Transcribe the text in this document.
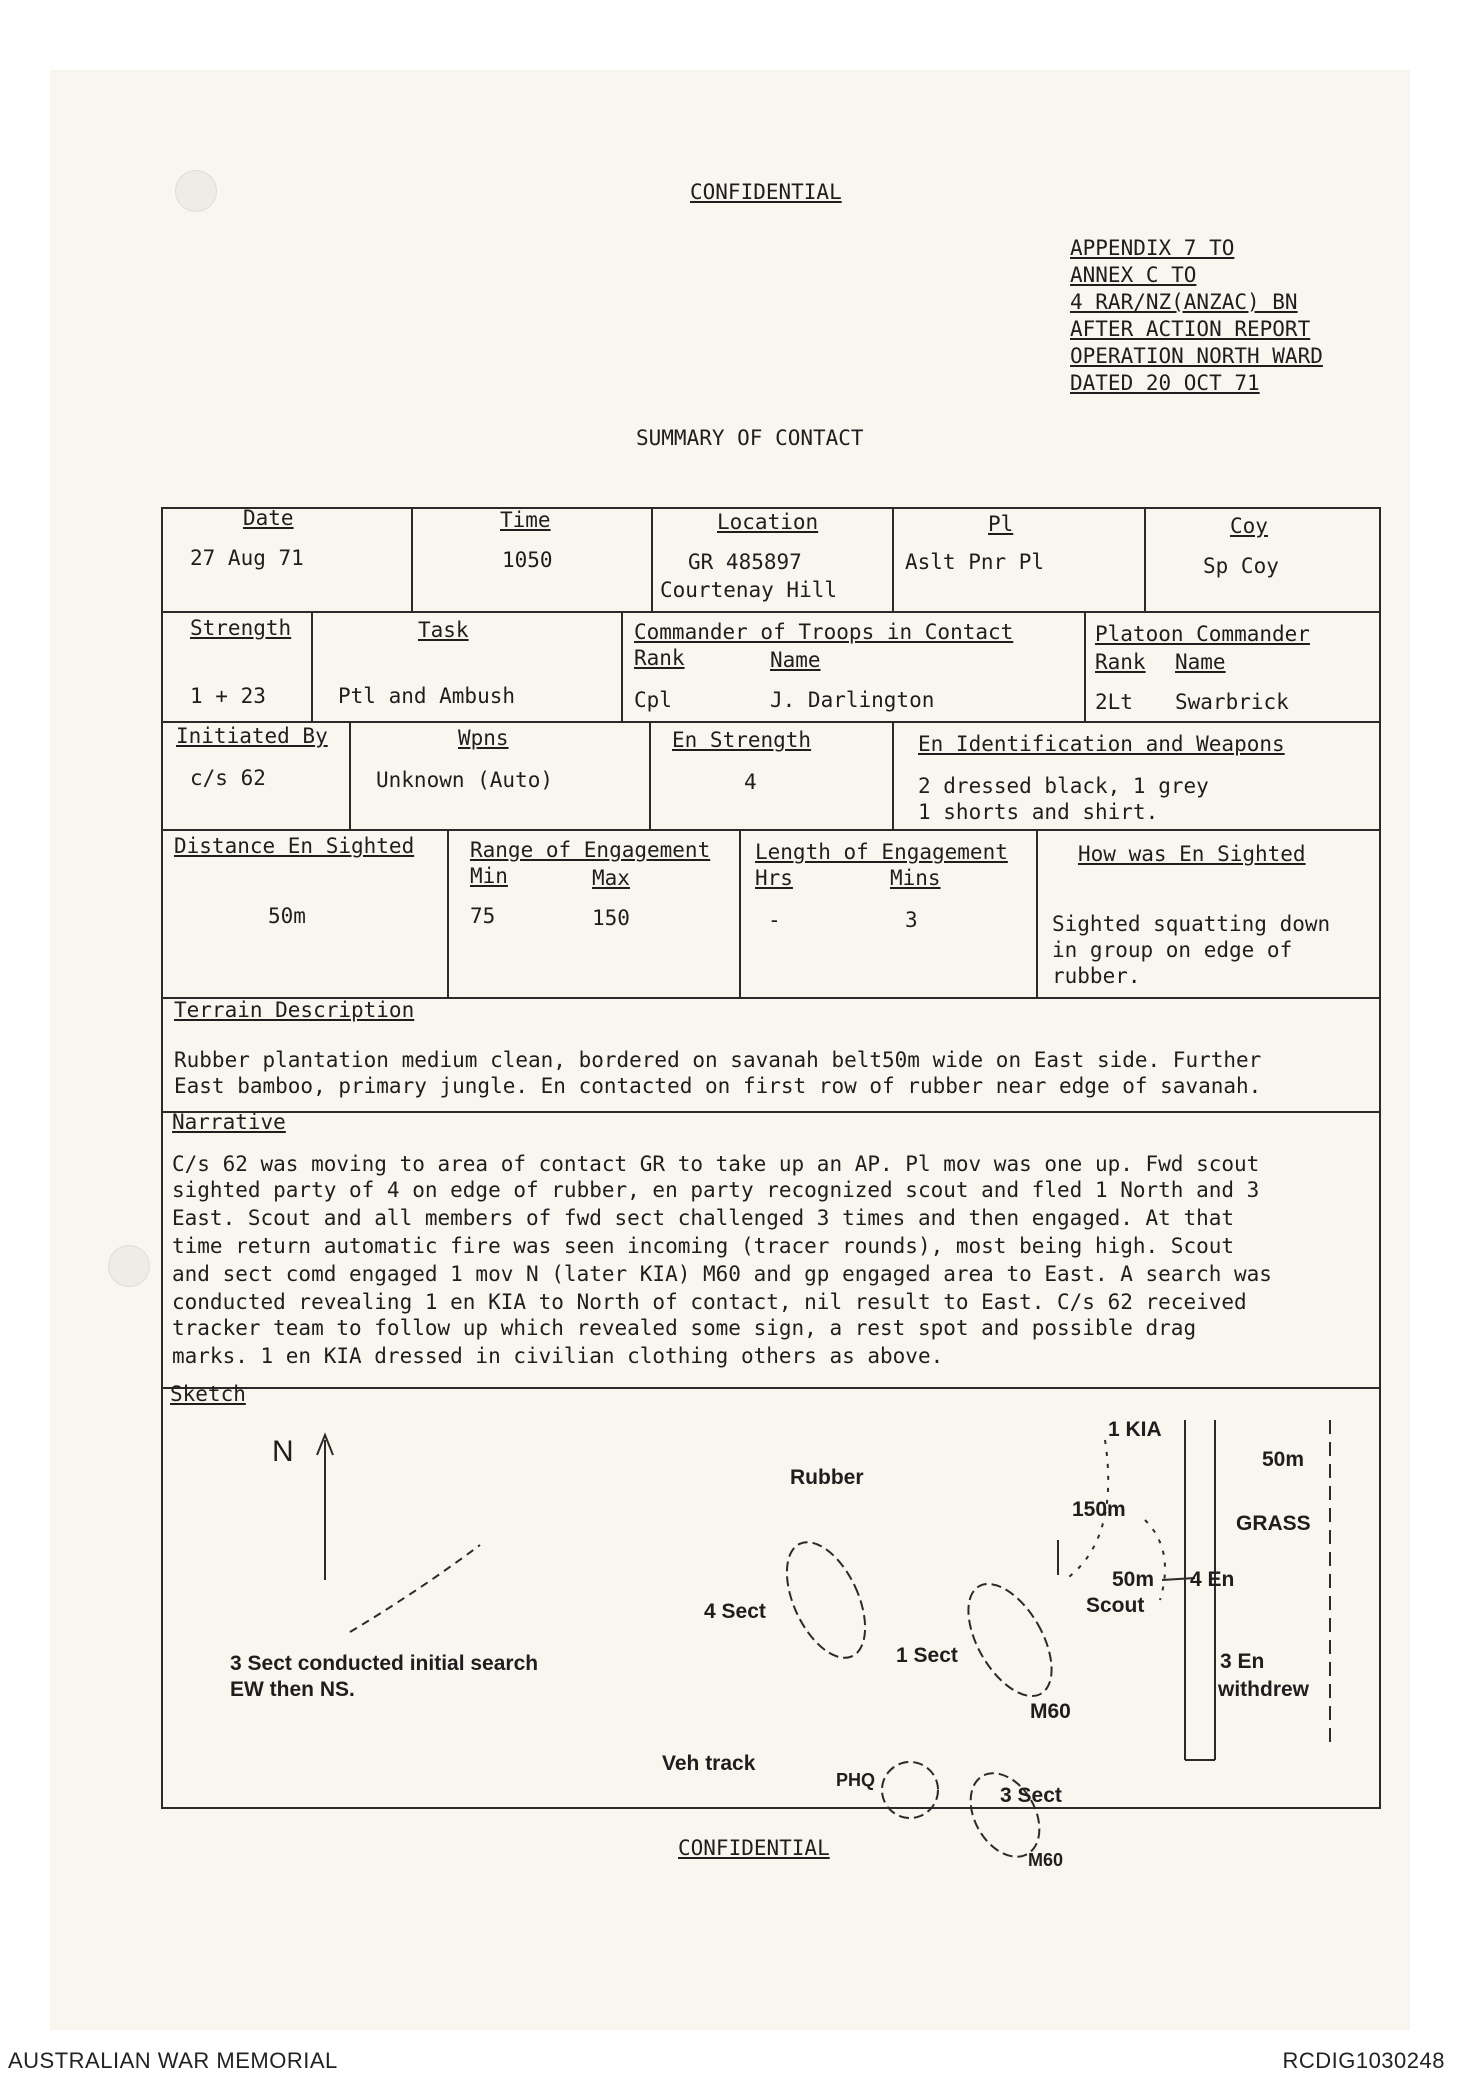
CONFIDENTIAL
APPENDIX 7 TO
ANNEX C TO
4 RAR/NZ(ANZAC) BN
AFTER ACTION REPORT
OPERATION NORTH WARD
DATED 20 OCT 71
SUMMARY OF CONTACT
Date
27 Aug 71
Time
1050
Location
GR 485897
Courtenay Hill
Pl
Aslt Pnr Pl
Coy
Sp Coy
Strength
1 + 23
Task
Ptl and Ambush
Commander of Troops in Contact
Rank	Name
Cpl	J. Darlington
Platoon Commander
Rank Name
2Lt Swarbrick
Initiated By
c/s 62
Wpns
Unknown (Auto)
En Strength
4
En Identification and Weapons
2 dressed black, 1 grey
1 shorts and shirt.
Distance En Sighted
50m
Range of Engagement
Min	Max
75	150
Length of Engagement
Hrs	Mins
-	3
How was En Sighted
Sighted squatting down
in group on edge of
rubber.
Terrain Description
Rubber plantation medium clean, bordered on savanah belt50m wide on East side. Further
East bamboo, primary jungle. En contacted on first row of rubber near edge of savanah.
Narrative
C/s 62 was moving to area of contact GR to take up an AP. Pl mov was one up. Fwd scout
sighted party of 4 on edge of rubber, en party recognized scout and fled 1 North and 3
East. Scout and all members of fwd sect challenged 3 times and then engaged. At that
time return automatic fire was seen incoming (tracer rounds), most being high. Scout
and sect comd engaged 1 mov N (later KIA) M60 and gp engaged area to East. A search was
conducted revealing 1 en KIA to North of contact, nil result to East. C/s 62 received
tracker team to follow up which revealed some sign, a rest spot and possible drag
marks. 1 en KIA dressed in civilian clothing others as above.
Sketch
N
Rubber
1 KIA
50m
GRASS
150m
50m 4 En
Scout
4 Sect
1 Sect	3 En
withdrew
3 Sect conducted initial search
EW then NS.
M60
Veh track
PHQ
3 Sect
M60
CONFIDENTIAL
AUSTRALIAN WAR MEMORIAL	RCDIG1030248
